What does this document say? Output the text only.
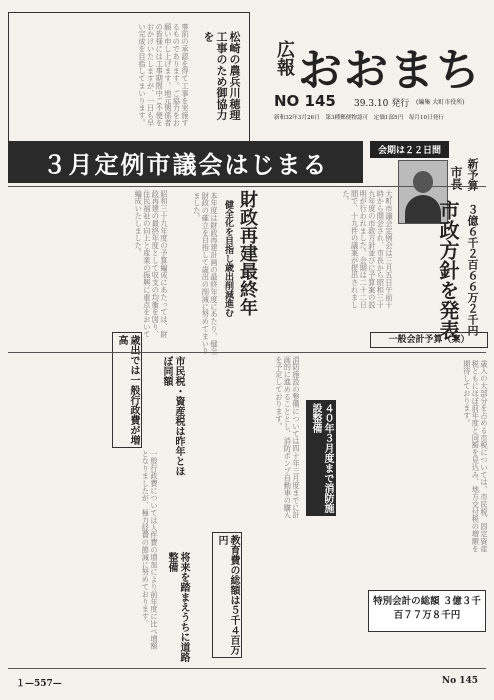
広報 おおまち
NO 145 39.3.10 発行 (編集 大町市役所)
新和32年3月26日　第3種郵便物認可　定価1部5円　毎月10日発行
松崎の農兵川穂理工事のため御協力を
事前の承認を得て工事を実施するものであります。ご協力をお願い申し上げます。地元関係者の皆様には工事期間中ご不便をおかけいたしますが、一日も早い完成を目指してまいります。
会期は２２日間
３月定例市議会はじまる	新予算 ３億６千２百６６万２千円
市長
市政方針を発表
大町市議会定例会は三月五日午前十時から開会され、市長から昭和三十九年度の市政方針並びに予算案の説明が行われました。会期は二十二日間で、十九件の議案が提出されました。
財政再建最終年
健全化を目指し歳出削減進む
本年度は財政再建計画の最終年度にあたり、健全財政の確立を目指して歳出の削減に努めてまいりました。
昭和三十九年度の予算編成にあたっては、財政再建の最終年度として収支の均衡を図り、住民福祉の向上と産業の振興に重点をおいて編成いたしました。
歳出では一般行政費が増高	一般会計予算（案）
４０年３月度まで消防施設整備
市民税・資産税は昨年とほぼ同額
教育費の総額は５千４百万円
将来を踏まえうちに道路整備
消防施設の整備については四十年三月度までに計画的に進めることとし、消防ポンプ自動車の購入を予定しております。
一般行政費については人件費の増加により前年度に比べ増額となりましたが、極力経費の節減に努めております。	歳入の大部分を占める市税については、市民税、固定資産税ともにほぼ前年度と同額を見込み、地方交付税の増額を期待しております。
特別会計の総額 ３億３千百７７万８千円
１—557—	No 145
